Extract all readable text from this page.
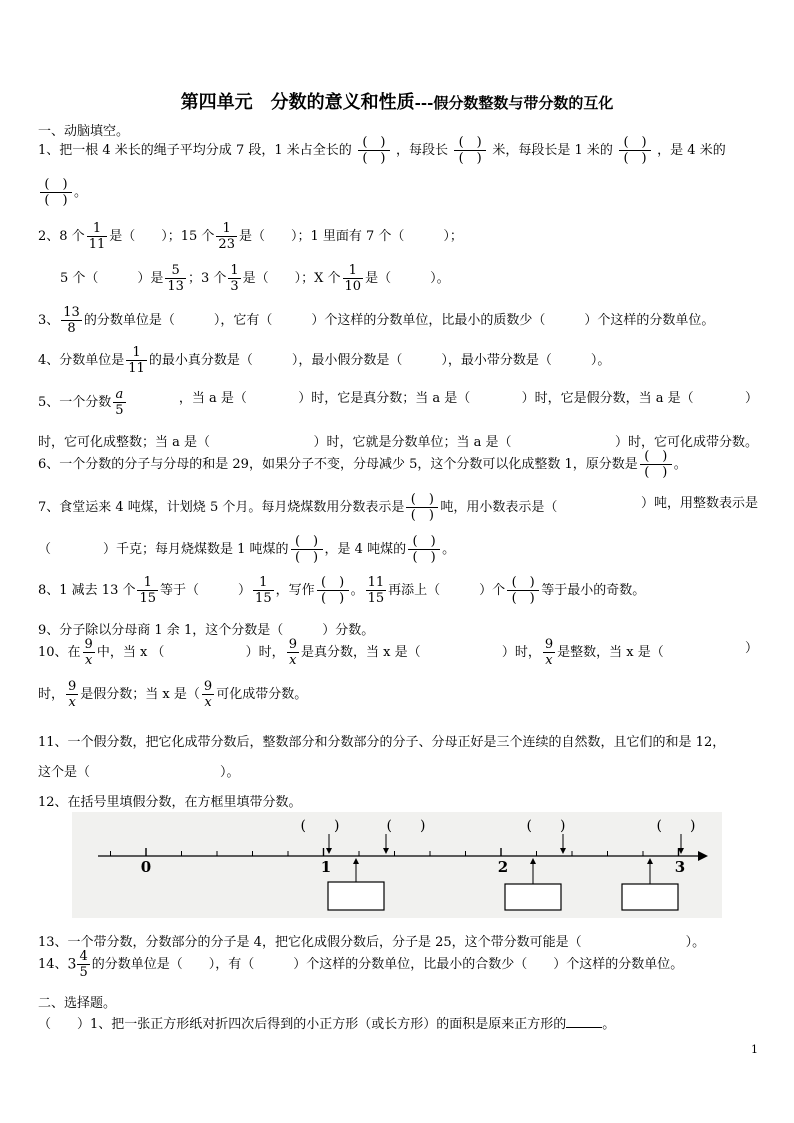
第四单元　分数的意义和性质---假分数整数与带分数的互化
一、动脑填空。
1、把一根 4 米长的绳子平均分成 7 段，1 米占全长的
(　)
(　)
，每段长
(　)
(　)
米，每段长是 1 米的
(　)
(　)
，是 4 米的
(　)
(　)
。
2、8 个 $\frac{1}{11}$ 是（　　）；15 个 $\frac{1}{23}$ 是（　　）；1 里面有 7 个（　　　）；
5 个（　　　）是 $\frac{5}{13}$ ；3 个 $\frac{1}{3}$ 是（　　）；X 个 $\frac{1}{10}$ 是（　　　）。
3、 $\frac{13}{8}$ 的分数单位是（　　　），它有（　　　）个这样的分数单位，比最小的质数少（　　　）个这样的分数单位。
4、分数单位是 $\frac{1}{11}$ 的最小真分数是（　　　），最小假分数是（　　　），最小带分数是（　　　）。
5、一个分数 $\frac{a}{5}$	，当 a 是（	）时，它是真分数；当 a 是（	）时，它是假分数，当 a 是（	）
时，它可化成整数；当 a 是（	）时，它就是分数单位；当 a 是（	）时，它可化成带分数。
6、一个分数的分子与分母的和是 29，如果分子不变，分母减少 5，这个分数可以化成整数 1，原分数是
(　)
(　)
。
7、食堂运来 4 吨煤，计划烧 5 个月。每月烧煤数用分数表示是
(　)
(　)
吨，用小数表示是（	）吨，用整数表示是
（　　　　）千克；每月烧煤数是 1 吨煤的
(　)
(　)
，是 4 吨煤的
(　)
(　)
。
8、1 减去 13 个 $\frac{1}{15}$ 等于（　　　） $\frac{1}{15}$ ，写作
(　)
(　)
。 $\frac{11}{15}$ 再添上（　　　）个
(　)
(　)
等于最小的奇数。
9、分子除以分母商 1 余 1，这个分数是（　　　）分数。
10、在 $\frac{9}{x}$ 中，当 x （	）时， $\frac{9}{x}$ 是真分数，当 x 是（	）时， $\frac{9}{x}$ 是整数，当 x 是（	）
时， $\frac{9}{x}$ 是假分数；当 x 是（ $\frac{9}{x}$ 可化成带分数。
11、一个假分数，把它化成带分数后，整数部分和分数部分的分子、分母正好是三个连续的自然数，且它们的和是 12，
这个是（　　　　　　　　　　）。
12、在括号里填假分数，在方框里填带分数。
0	1	2	3
(　　)	(　　)	(　　)	(　　)
13、一个带分数，分数部分的分子是 4，把它化成假分数后，分子是 25，这个带分数可能是（　　　　　　　　）。
14、$3 \frac{4}{5}$ 的分数单位是（　　），有（　　　）个这样的分数单位，比最小的合数少（　　）个这样的分数单位。
二、选择题。
（　　）1、把一张正方形纸对折四次后得到的小正方形（或长方形）的面积是原来正方形的	。
1
